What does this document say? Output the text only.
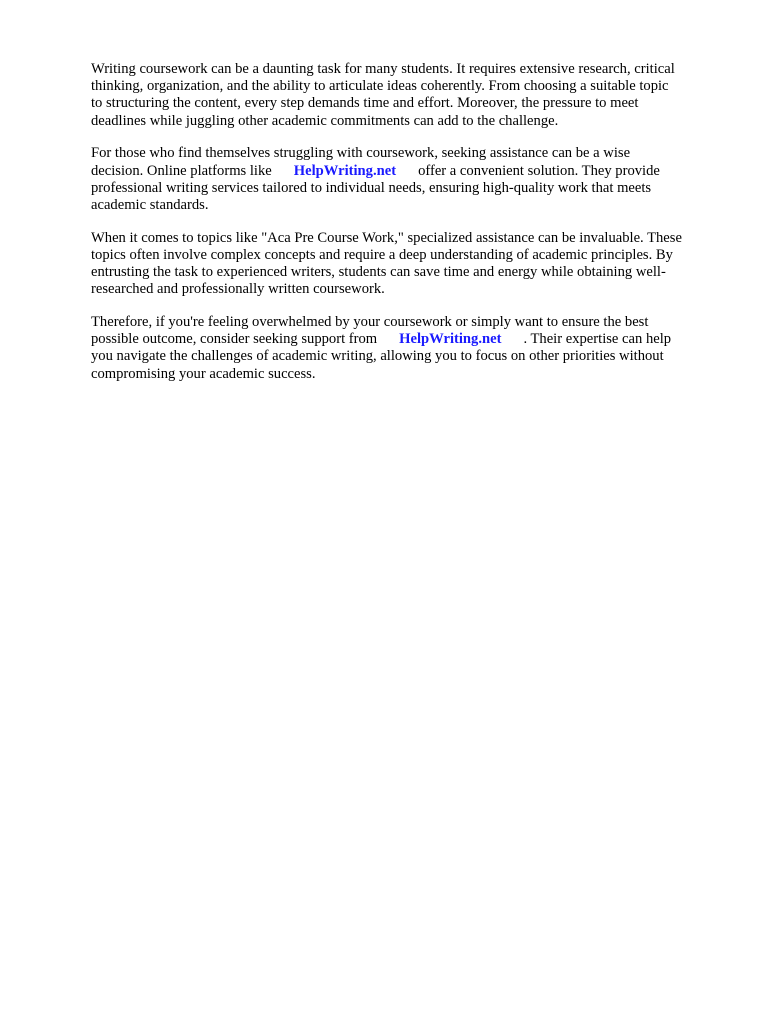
Writing coursework can be a daunting task for many students. It requires extensive research, critical
thinking, organization, and the ability to articulate ideas coherently. From choosing a suitable topic
to structuring the content, every step demands time and effort. Moreover, the pressure to meet
deadlines while juggling other academic commitments can add to the challenge.

For those who find themselves struggling with coursework, seeking assistance can be a wise
decision. Online platforms like HelpWriting.net offer a convenient solution. They provide
professional writing services tailored to individual needs, ensuring high-quality work that meets
academic standards.

When it comes to topics like "Aca Pre Course Work," specialized assistance can be invaluable. These
topics often involve complex concepts and require a deep understanding of academic principles. By
entrusting the task to experienced writers, students can save time and energy while obtaining well-
researched and professionally written coursework.

Therefore, if you're feeling overwhelmed by your coursework or simply want to ensure the best
possible outcome, consider seeking support from HelpWriting.net . Their expertise can help
you navigate the challenges of academic writing, allowing you to focus on other priorities without
compromising your academic success.
